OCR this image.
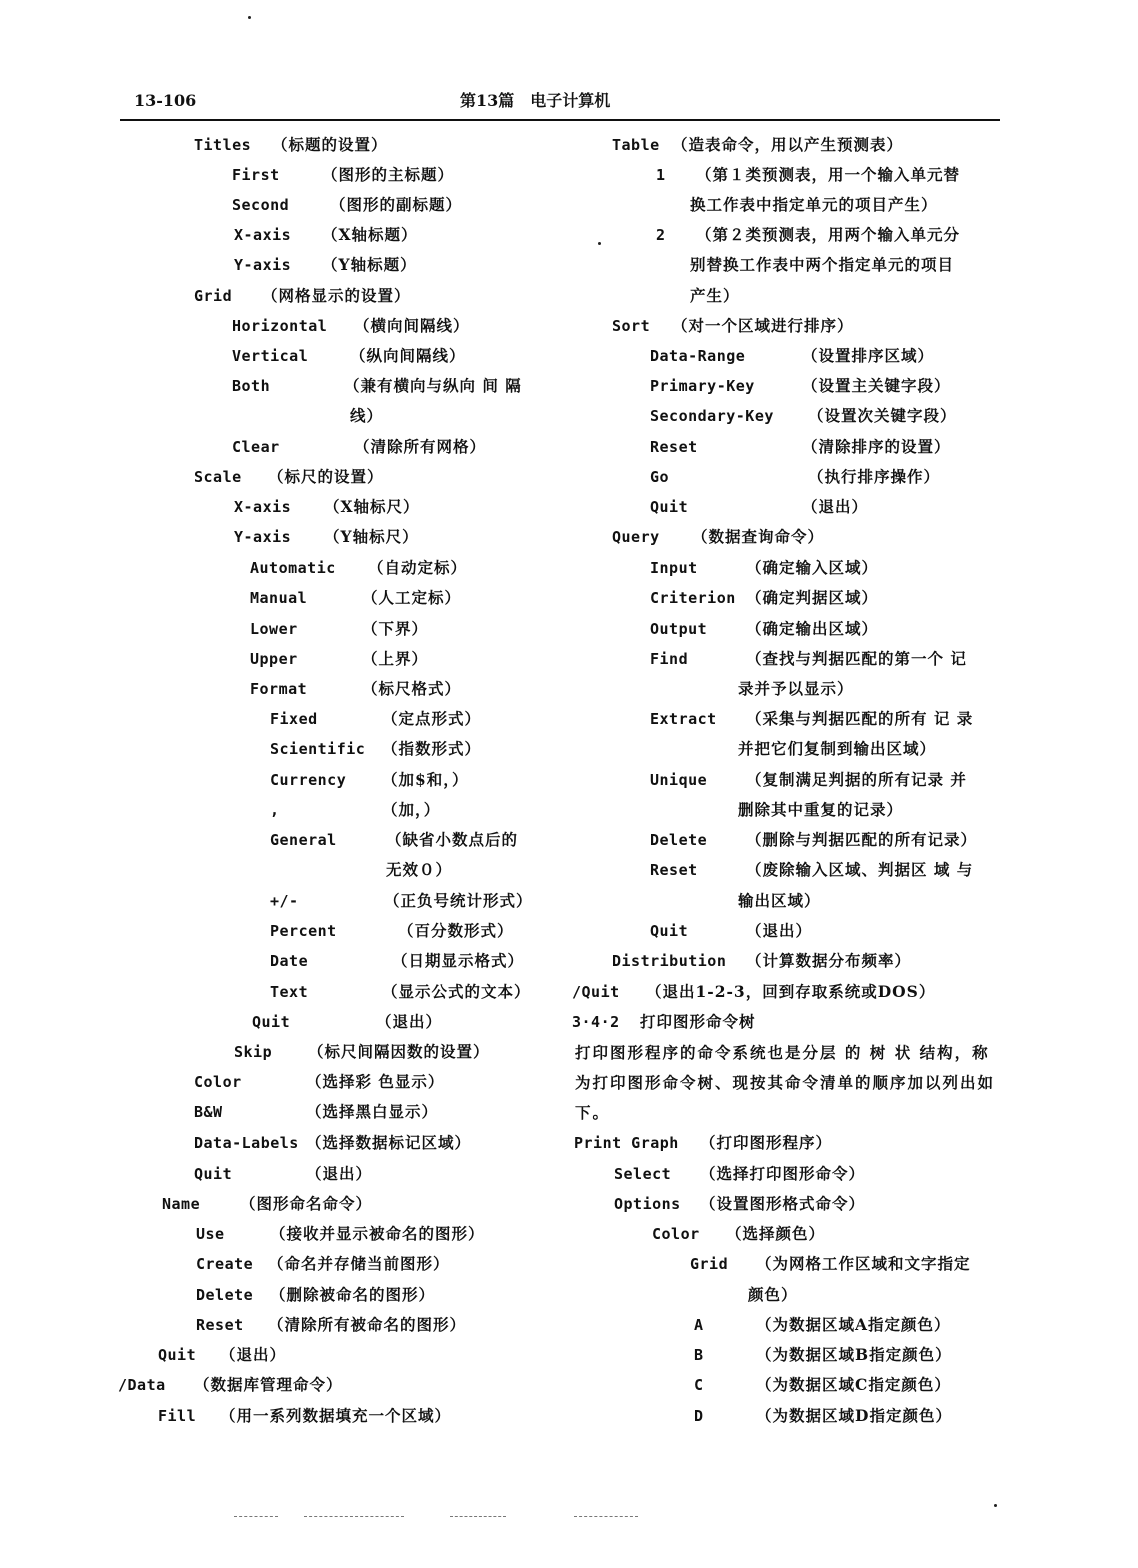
13-106	第13篇　电子计算机
Titles （标题的设置）
First	（图形的主标题）
Second	（图形的副标题）
X-axis （X轴标题）
Y-axis （Y轴标题）
Grid （网格显示的设置）
Horizontal （横向间隔线）
Vertical	（纵向间隔线）
Both	（兼有横向与纵向 间 隔
线）
Clear	（清除所有网格）
Scale （标尺的设置）
X-axis （X轴标尺）
Y-axis （Y轴标尺）
Automatic （自动定标）
Manual	（人工定标）
Lower	（下界）
Upper	（上界）
Format	（标尺格式）
Fixed	（定点形式）
Scientific （指数形式）
Currency （加$和，）
,	（加，）
General	（缺省小数点后的
无效０）
+/-	（正负号统计形式）
Percent	（百分数形式）
Date	（日期显示格式）
Text	（显示公式的文本）
Quit	（退出）
Skip （标尺间隔因数的设置）
Color	（选择彩 色显示）
B&W	（选择黑白显示）
Data-Labels （选择数据标记区域）
Quit	（退出）
Name	（图形命名命令）
Use	（接收并显示被命名的图形）
Create （命名并存储当前图形）
Delete （删除被命名的图形）
Reset （清除所有被命名的图形）
Quit （退出）
/Data （数据库管理命令）
Fill （用一系列数据填充一个区域）
Table （造表命令，用以产生预测表）
1 （第１类预测表，用一个输入单元替
换工作表中指定单元的项目产生）
2 （第２类预测表，用两个输入单元分
别替换工作表中两个指定单元的项目
产生）
Sort （对一个区域进行排序）
Data-Range	（设置排序区域）
Primary-Key	（设置主关键字段）
Secondary-Key （设置次关键字段）
Reset	（清除排序的设置）
Go	（执行排序操作）
Quit	（退出）
Query （数据查询命令）
Input	（确定输入区域）
Criterion （确定判据区域）
Output	（确定输出区域）
Find	（查找与判据匹配的第一个 记
录并予以显示）
Extract （采集与判据匹配的所有 记 录
并把它们复制到输出区域）
Unique	（复制满足判据的所有记录 并
删除其中重复的记录）
Delete	（删除与判据匹配的所有记录）
Reset	（废除输入区域、判据区 域 与
输出区域）
Quit	（退出）
Distribution （计算数据分布频率）
/Quit （退出1-2-3，回到存取系统或DOS）
3·4·2 打印图形命令树
Print Graph （打印图形程序）
Select （选择打印图形命令）
Options （设置图形格式命令）
Color （选择颜色）
Grid （为网格工作区域和文字指定
颜色）
A	（为数据区域A指定颜色）
B	（为数据区域B指定颜色）
C	（为数据区域C指定颜色）
D	（为数据区域D指定颜色）
打印图形程序的命令系统也是分层 的 树 状 结构，称为打印图形命令树、现按其命令清单的顺序加以列出如下。
